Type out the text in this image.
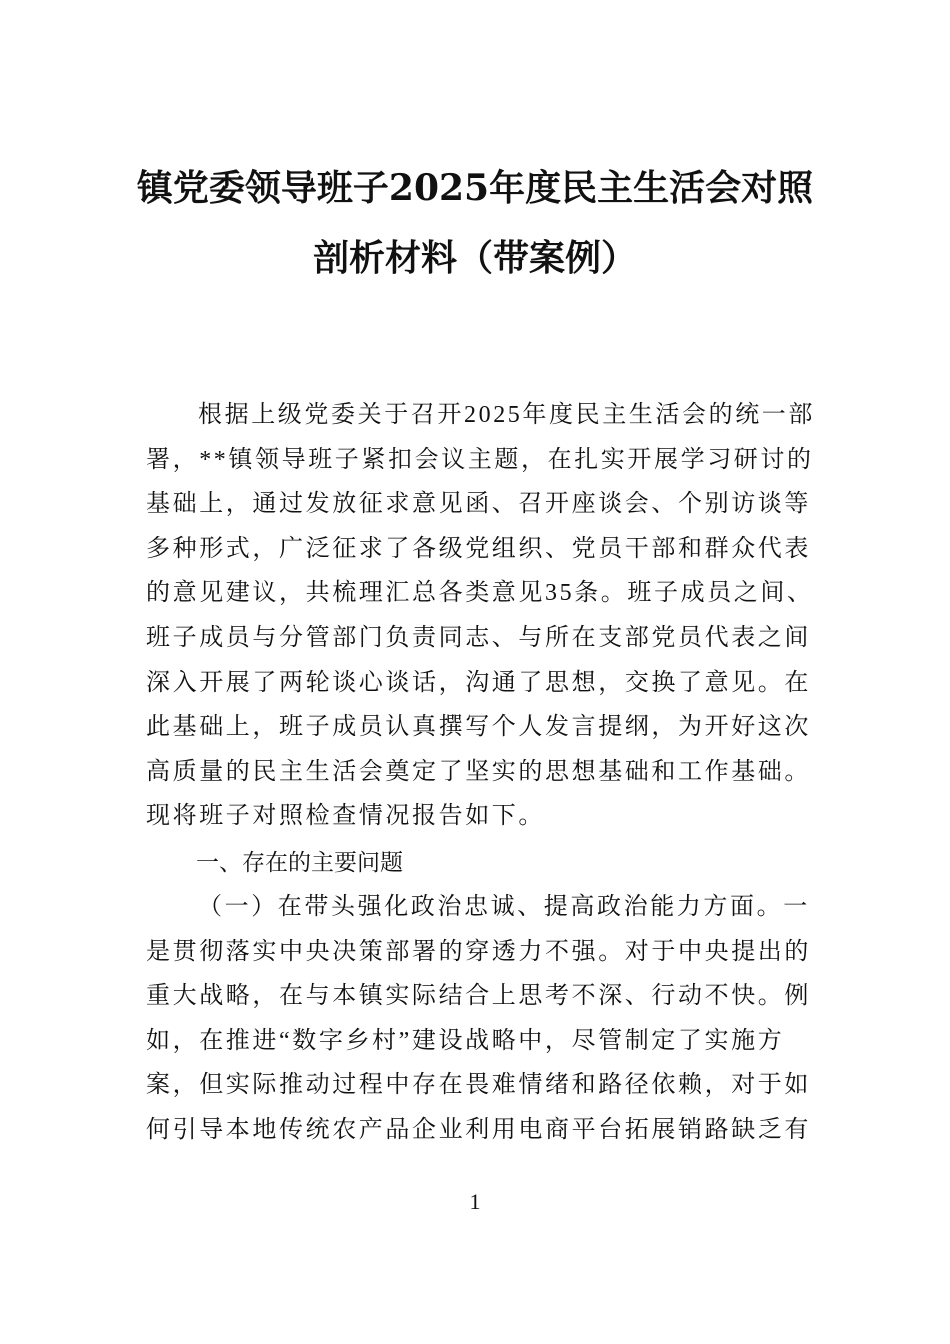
镇党委领导班子2025年度民主生活会对照
剖析材料（带案例）
根据上级党委关于召开2025年度民主生活会的统一部
署，**镇领导班子紧扣会议主题，在扎实开展学习研讨的
基础上，通过发放征求意见函、召开座谈会、个别访谈等
多种形式，广泛征求了各级党组织、党员干部和群众代表
的意见建议，共梳理汇总各类意见35条。班子成员之间、
班子成员与分管部门负责同志、与所在支部党员代表之间
深入开展了两轮谈心谈话，沟通了思想，交换了意见。在
此基础上，班子成员认真撰写个人发言提纲，为开好这次
高质量的民主生活会奠定了坚实的思想基础和工作基础。
现将班子对照检查情况报告如下。
一、存在的主要问题
（一）在带头强化政治忠诚、提高政治能力方面。一
是贯彻落实中央决策部署的穿透力不强。对于中央提出的
重大战略，在与本镇实际结合上思考不深、行动不快。例
如，在推进“数字乡村”建设战略中，尽管制定了实施方
案，但实际推动过程中存在畏难情绪和路径依赖，对于如
何引导本地传统农产品企业利用电商平台拓展销路缺乏有
1
